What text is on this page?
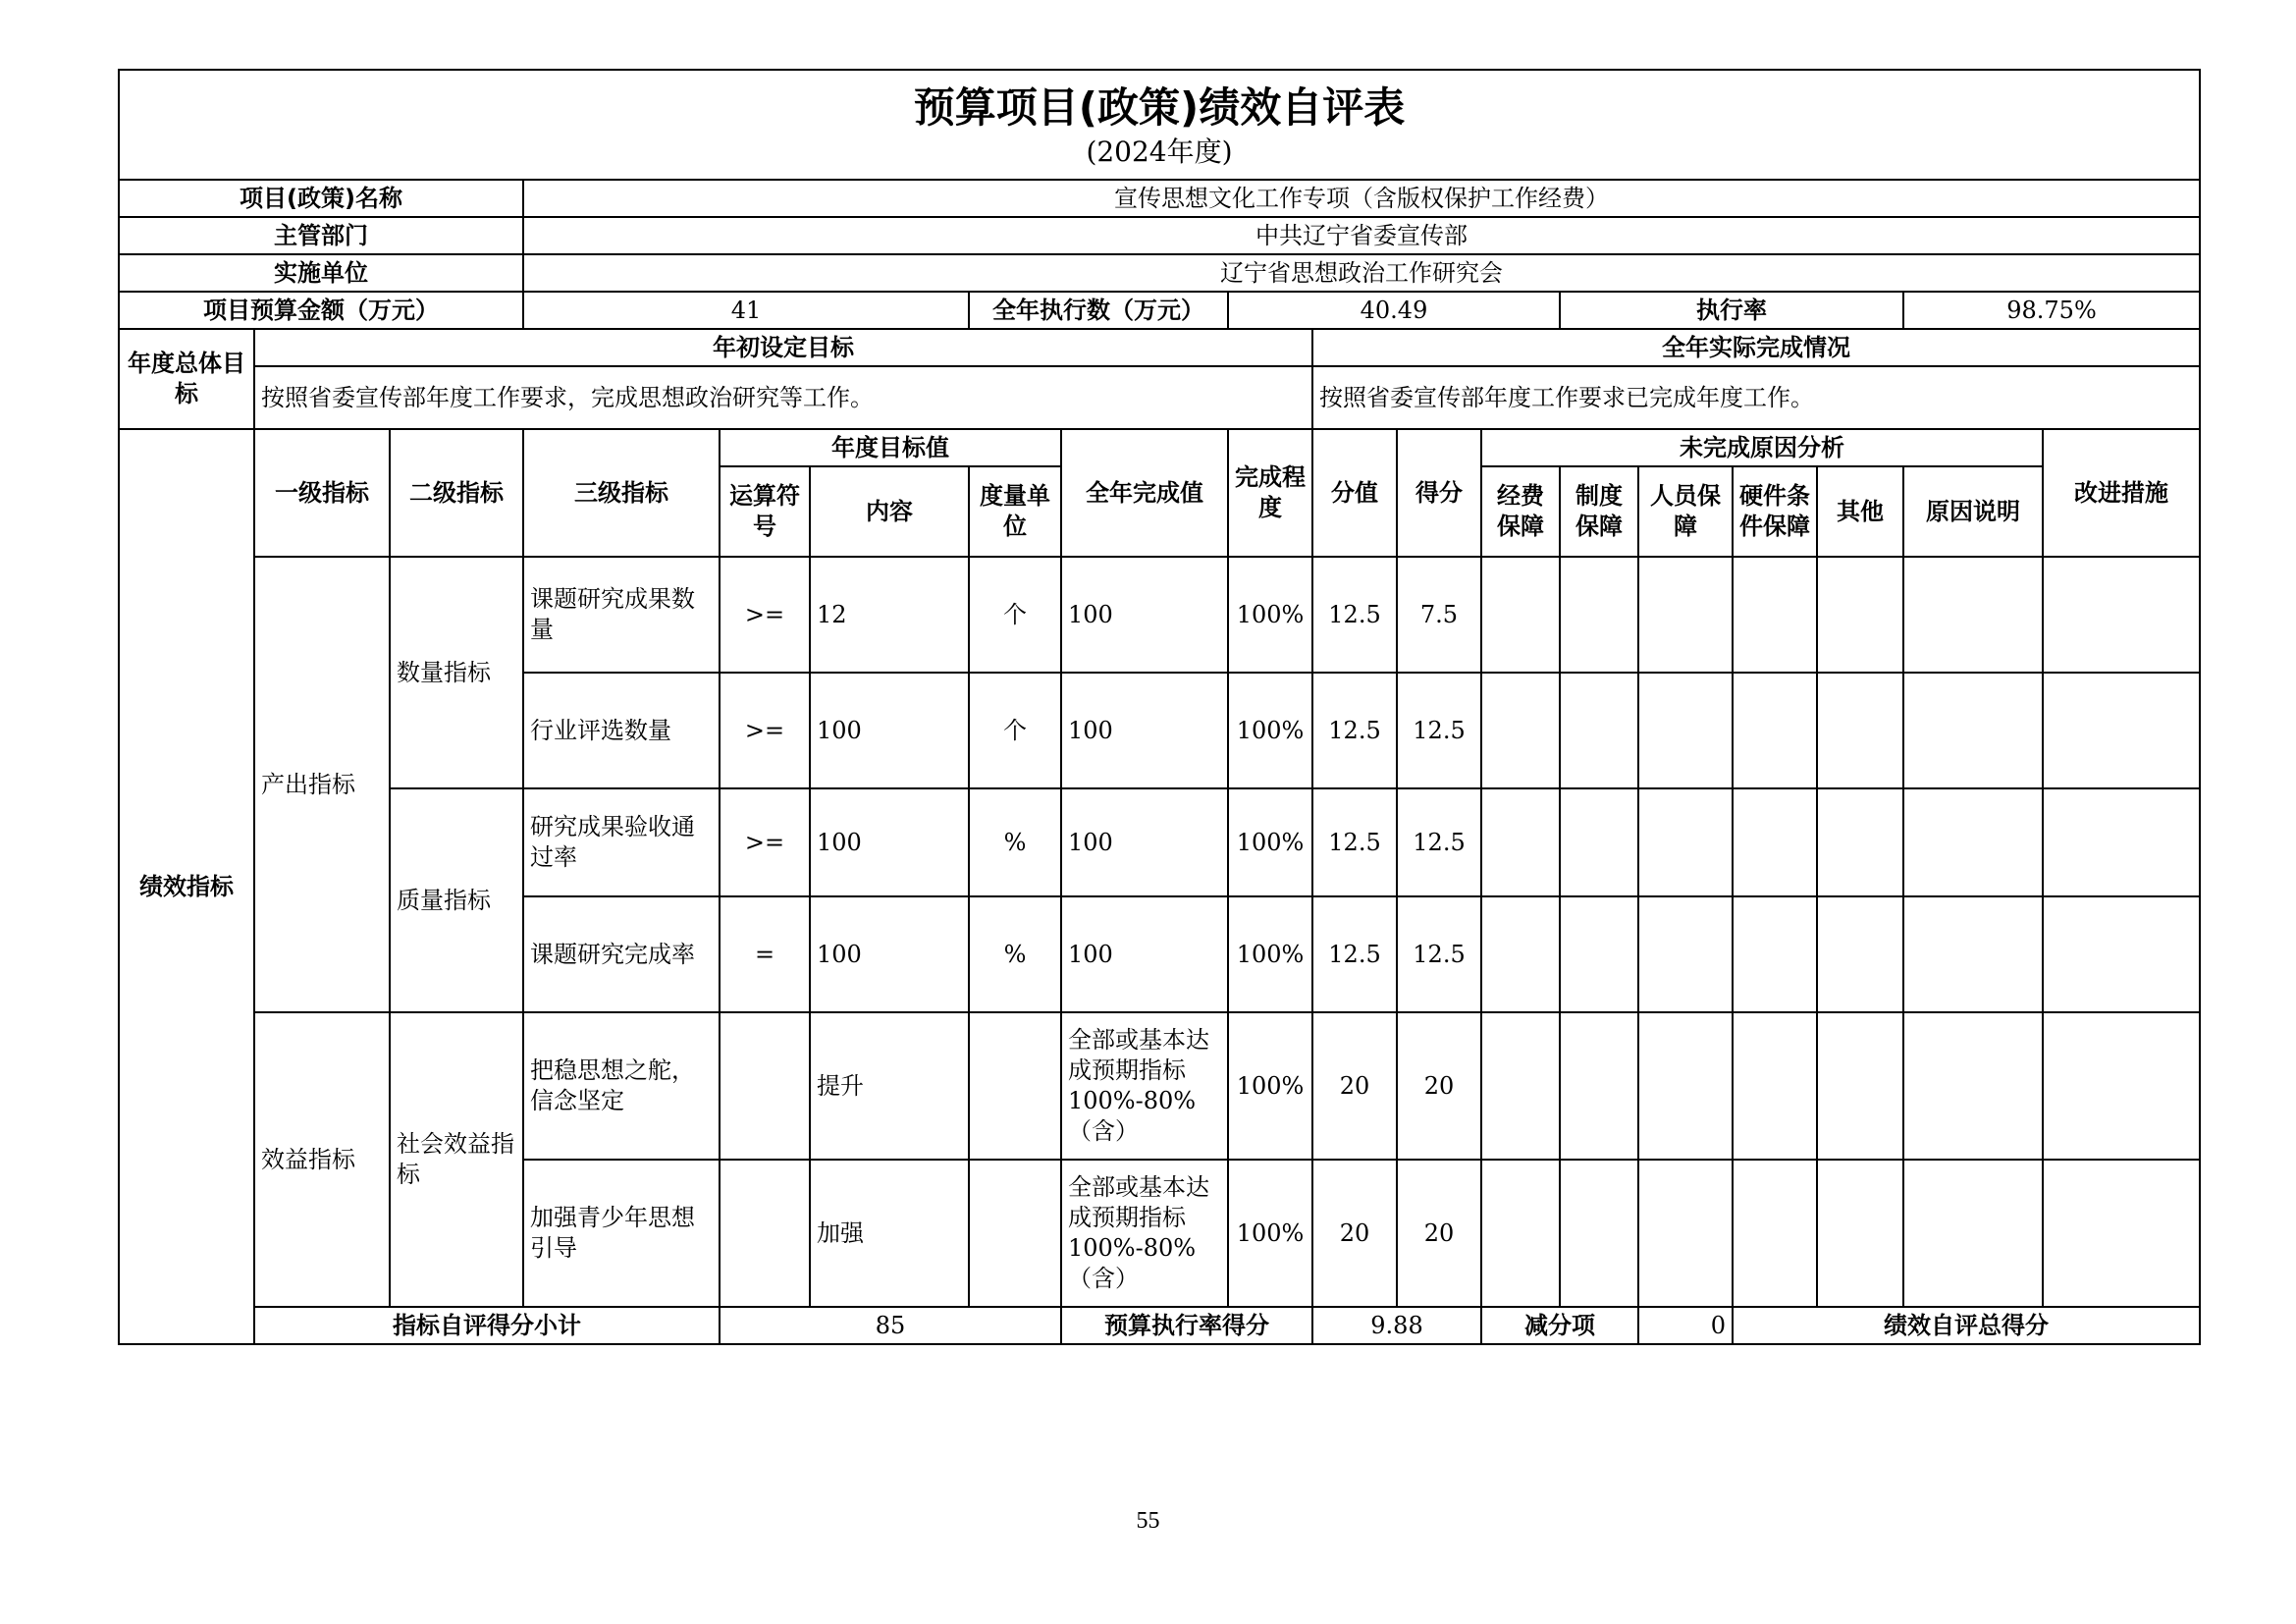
预算项目(政策)绩效自评表
(2024年度)																		

项目(政策)名称			宣传思想文化工作专项（含版权保护工作经费）															
主管部门			中共辽宁省委宣传部															
实施单位			辽宁省思想政治工作研究会															
项目预算金额（万元）			41			全年执行数（万元）		40.49				执行率				98.75%		
年度总体目标	年初设定目标								全年实际完成情况									
	按照省委宣传部年度工作要求，完成思想政治研究等工作。								按照省委宣传部年度工作要求已完成年度工作。									
绩效指标	一级指标	二级指标	三级指标	年度目标值			全年完成值	完成程度	分值	得分	未完成原因分析						改进措施	
				运算符号	内容	度量单位					经费保障	制度保障	人员保障	硬件条件保障	其他	原因说明		
	产出指标	数量指标	课题研究成果数量	>=	12	个	100	100%	12.5	7.5								
			行业评选数量	>=	100	个	100	100%	12.5	12.5								
		质量指标	研究成果验收通过率	>=	100	%	100	100%	12.5	12.5								
			课题研究完成率	=	100	%	100	100%	12.5	12.5								
	效益指标	社会效益指标	把稳思想之舵，信念坚定		提升		全部或基本达成预期指标100%-80%（含）	100%	20	20								
			加强青少年思想引导		加强		全部或基本达成预期指标100%-80%（含）	100%	20	20								
	指标自评得分小计			85			预算执行率得分		9.88		减分项		0	绩效自评总得分	
55
